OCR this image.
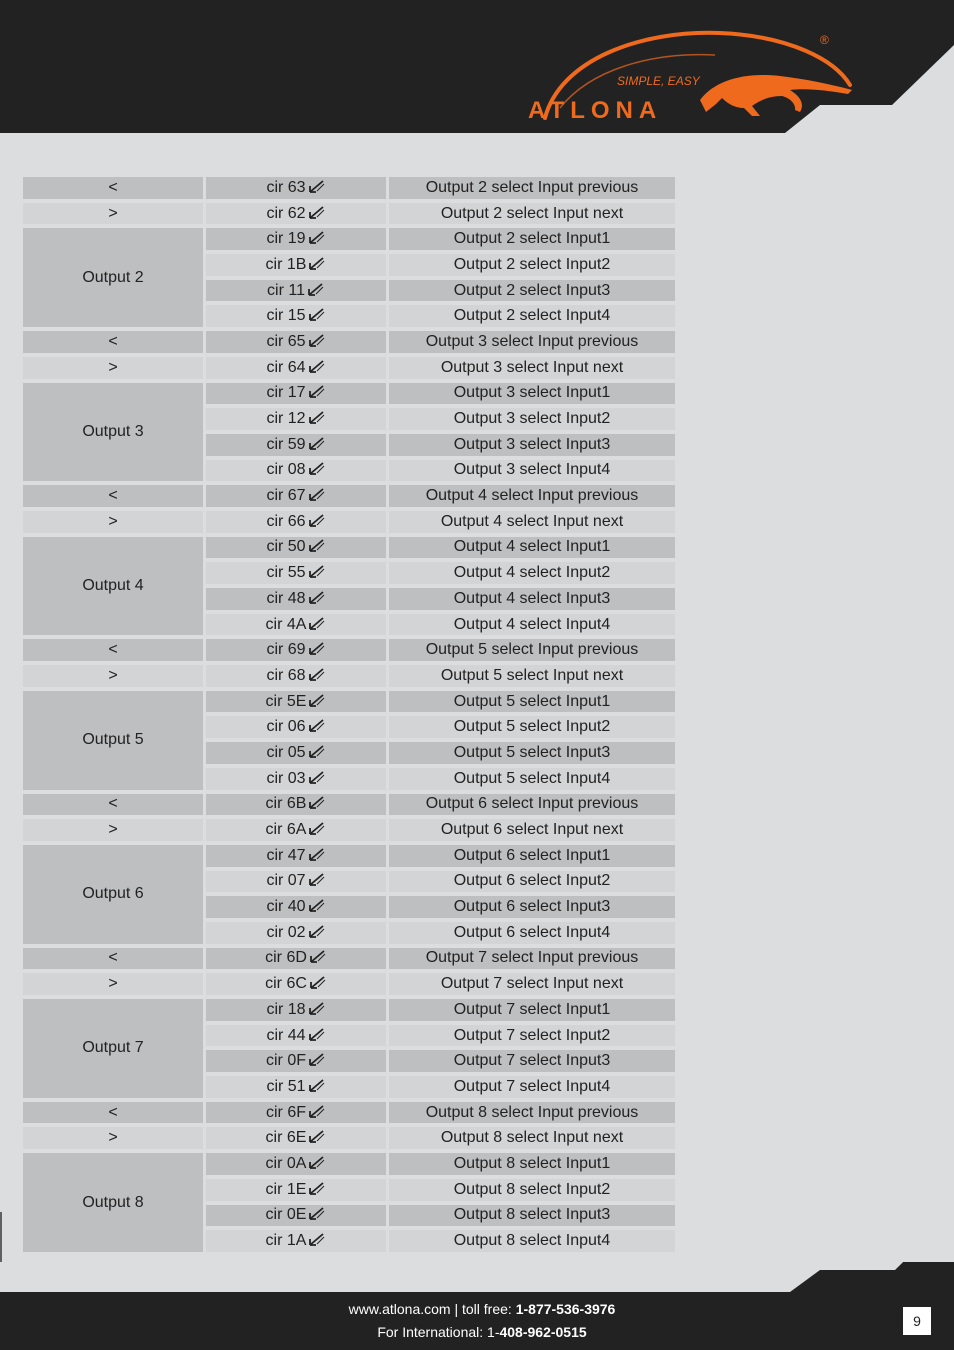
SIMPLE, EASY
ATLONA
®
<	cir 63	Output 2 select Input previous
>	cir 62	Output 2 select Input next
Output 2	cir 19	Output 2 select Input1
	cir 1B	Output 2 select Input2
	cir 11	Output 2 select Input3
	cir 15	Output 2 select Input4
<	cir 65	Output 3 select Input previous
>	cir 64	Output 3 select Input next
Output 3	cir 17	Output 3 select Input1
	cir 12	Output 3 select Input2
	cir 59	Output 3 select Input3
	cir 08	Output 3 select Input4
<	cir 67	Output 4 select Input previous
>	cir 66	Output 4 select Input next
Output 4	cir 50	Output 4 select Input1
	cir 55	Output 4 select Input2
	cir 48	Output 4 select Input3
	cir 4A	Output 4 select Input4
<	cir 69	Output 5 select Input previous
>	cir 68	Output 5 select Input next
Output 5	cir 5E	Output 5 select Input1
	cir 06	Output 5 select Input2
	cir 05	Output 5 select Input3
	cir 03	Output 5 select Input4
<	cir 6B	Output 6 select Input previous
>	cir 6A	Output 6 select Input next
Output 6	cir 47	Output 6 select Input1
	cir 07	Output 6 select Input2
	cir 40	Output 6 select Input3
	cir 02	Output 6 select Input4
<	cir 6D	Output 7 select Input previous
>	cir 6C	Output 7 select Input next
Output 7	cir 18	Output 7 select Input1
	cir 44	Output 7 select Input2
	cir 0F	Output 7 select Input3
	cir 51	Output 7 select Input4
<	cir 6F	Output 8 select Input previous
>	cir 6E	Output 8 select Input next
Output 8	cir 0A	Output 8 select Input1
	cir 1E	Output 8 select Input2
	cir 0E	Output 8 select Input3
	cir 1A	Output 8 select Input4
www.atlona.com | toll free: 1-877-536-3976
For International: 1-408-962-0515
9
